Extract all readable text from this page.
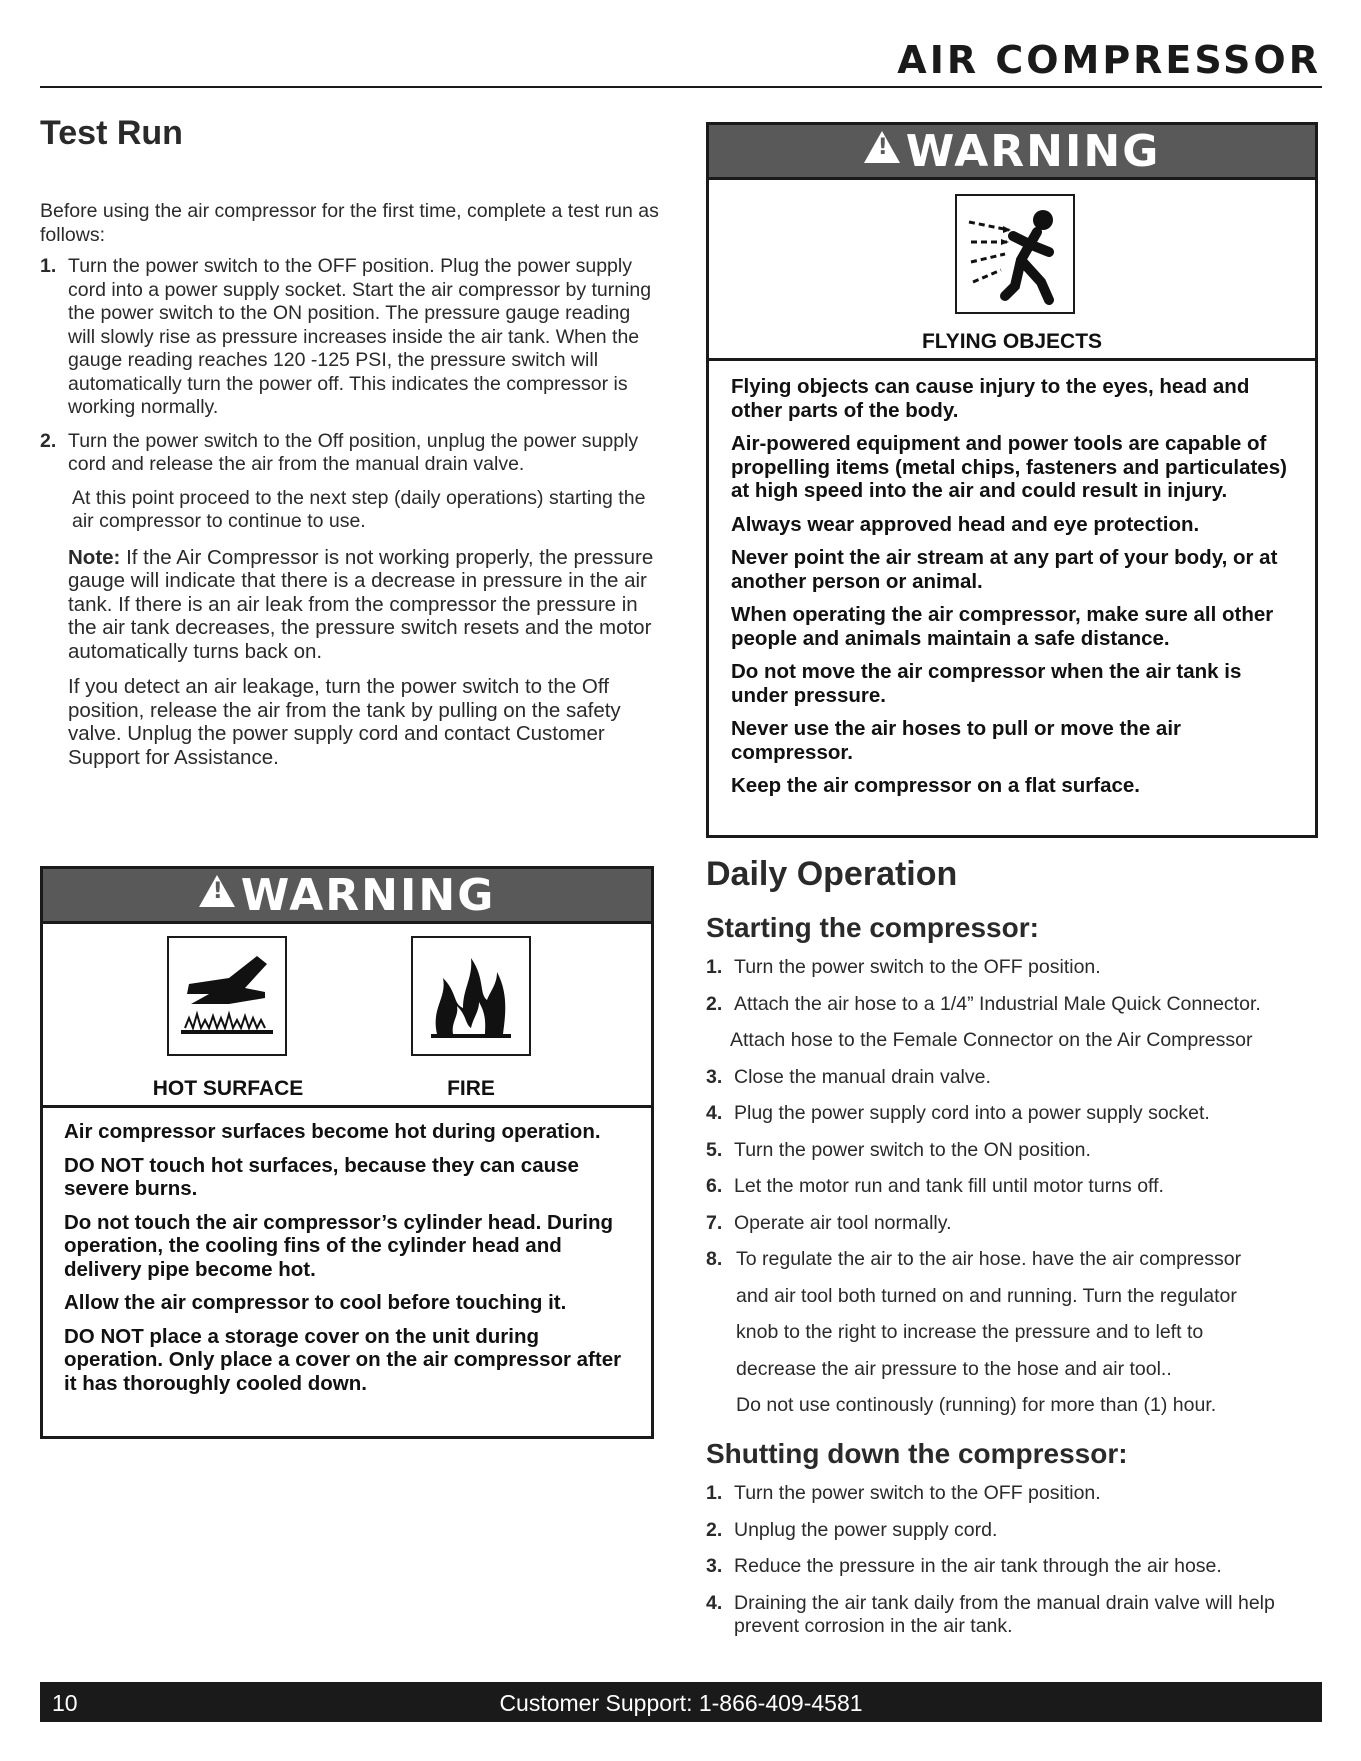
AIR COMPRESSOR
Test Run
Before using the air compressor for the first time, complete a test run as follows:
1. Turn the power switch to the OFF position. Plug the power supply cord into a power supply socket. Start the air compressor by turning the power switch to the ON position. The pressure gauge reading will slowly rise as pressure increases inside the air tank. When the gauge reading reaches 120 -125 PSI, the pressure switch will automatically turn the power off. This indicates the compressor is working normally.
2. Turn the power switch to the Off position, unplug the power supply cord and release the air from the manual drain valve.
At this point proceed to the next step (daily operations) starting the air compressor to continue to use.
Note: If the Air Compressor is not working properly, the pressure gauge will indicate that there is a decrease in pressure in the air tank. If there is an air leak from the compressor the pressure in the air tank decreases, the pressure switch resets and the motor automatically turns back on.
If you detect an air leakage, turn the power switch to the Off position, release the air from the tank by pulling on the safety valve. Unplug the power supply cord and contact Customer Support for Assistance.
!WARNING
FLYING OBJECTS
Flying objects can cause injury to the eyes, head and other parts of the body.
Air-powered equipment and power tools are capable of propelling items (metal chips, fasteners and particulates) at high speed into the air and could result in injury.
Always wear approved head and eye protection.
Never point the air stream at any part of your body, or at another person or animal.
When operating the air compressor, make sure all other people and animals maintain a safe distance.
Do not move the air compressor when the air tank is under pressure.
Never use the air hoses to pull or move the air compressor.
Keep the air compressor on a flat surface.
!WARNING
HOT SURFACE	FIRE
Air compressor surfaces become hot during operation.
DO NOT touch hot surfaces, because they can cause severe burns.
Do not touch the air compressor’s cylinder head. During operation, the cooling fins of the cylinder head and delivery pipe become hot.
Allow the air compressor to cool before touching it.
DO NOT place a storage cover on the unit during operation. Only place a cover on the air compressor after it has thoroughly cooled down.
Daily Operation
Starting the compressor:
1. Turn the power switch to the OFF position.
2. Attach the air hose to a 1/4” Industrial Male Quick Connector.
Attach hose to the Female Connector on the Air Compressor
3. Close the manual drain valve.
4. Plug the power supply cord into a power supply socket.
5. Turn the power switch to the ON position.
6. Let the motor run and tank fill until motor turns off.
7. Operate air tool normally.
8. To regulate the air to the air hose. have the air compressor
and air tool both turned on and running. Turn the regulator
knob to the right to increase the pressure and to left to
decrease the air pressure to the hose and air tool..
Do not use continously (running) for more than (1) hour.
Shutting down the compressor:
1. Turn the power switch to the OFF position.
2. Unplug the power supply cord.
3. Reduce the pressure in the air tank through the air hose.
4. Draining the air tank daily from the manual drain valve will help prevent corrosion in the air tank.
10	Customer Support: 1-866-409-4581
